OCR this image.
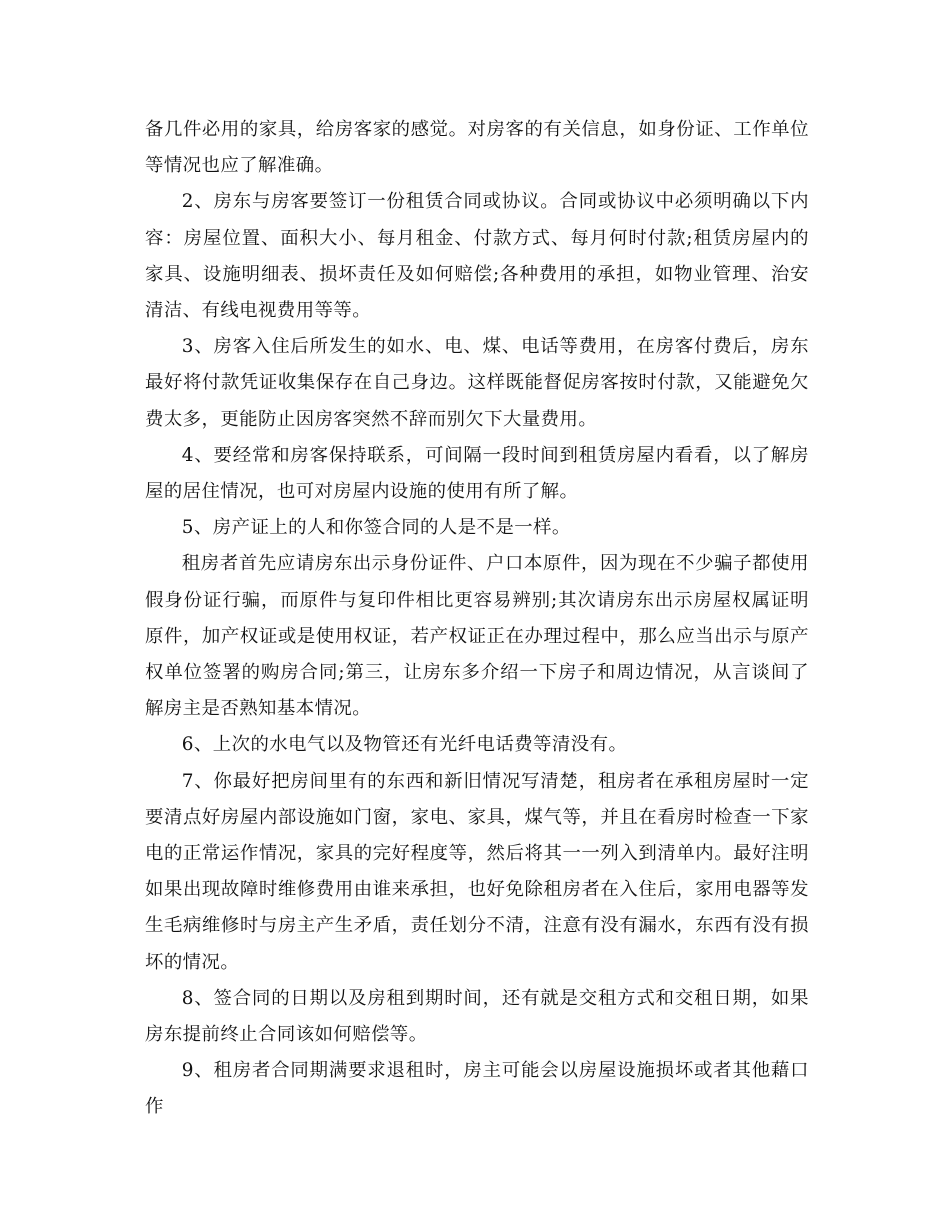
备几件必用的家具，给房客家的感觉。对房客的有关信息，如身份证、工作单位等情况也应了解准确。

2、房东与房客要签订一份租赁合同或协议。合同或协议中必须明确以下内容：房屋位置、面积大小、每月租金、付款方式、每月何时付款;租赁房屋内的家具、设施明细表、损坏责任及如何赔偿;各种费用的承担，如物业管理、治安清洁、有线电视费用等等。

3、房客入住后所发生的如水、电、煤、电话等费用，在房客付费后，房东最好将付款凭证收集保存在自己身边。这样既能督促房客按时付款，又能避免欠费太多，更能防止因房客突然不辞而别欠下大量费用。

4、要经常和房客保持联系，可间隔一段时间到租赁房屋内看看，以了解房屋的居住情况，也可对房屋内设施的使用有所了解。

5、房产证上的人和你签合同的人是不是一样。

租房者首先应请房东出示身份证件、户口本原件，因为现在不少骗子都使用假身份证行骗，而原件与复印件相比更容易辨别;其次请房东出示房屋权属证明原件，加产权证或是使用权证，若产权证正在办理过程中，那么应当出示与原产权单位签署的购房合同;第三，让房东多介绍一下房子和周边情况，从言谈间了解房主是否熟知基本情况。

6、上次的水电气以及物管还有光纤电话费等清没有。

7、你最好把房间里有的东西和新旧情况写清楚，租房者在承租房屋时一定要清点好房屋内部设施如门窗，家电、家具，煤气等，并且在看房时检查一下家电的正常运作情况，家具的完好程度等，然后将其一一列入到清单内。最好注明如果出现故障时维修费用由谁来承担，也好免除租房者在入住后，家用电器等发生毛病维修时与房主产生矛盾，责任划分不清，注意有没有漏水，东西有没有损坏的情况。

8、签合同的日期以及房租到期时间，还有就是交租方式和交租日期，如果房东提前终止合同该如何赔偿等。

9、租房者合同期满要求退租时，房主可能会以房屋设施损坏或者其他藉口作
